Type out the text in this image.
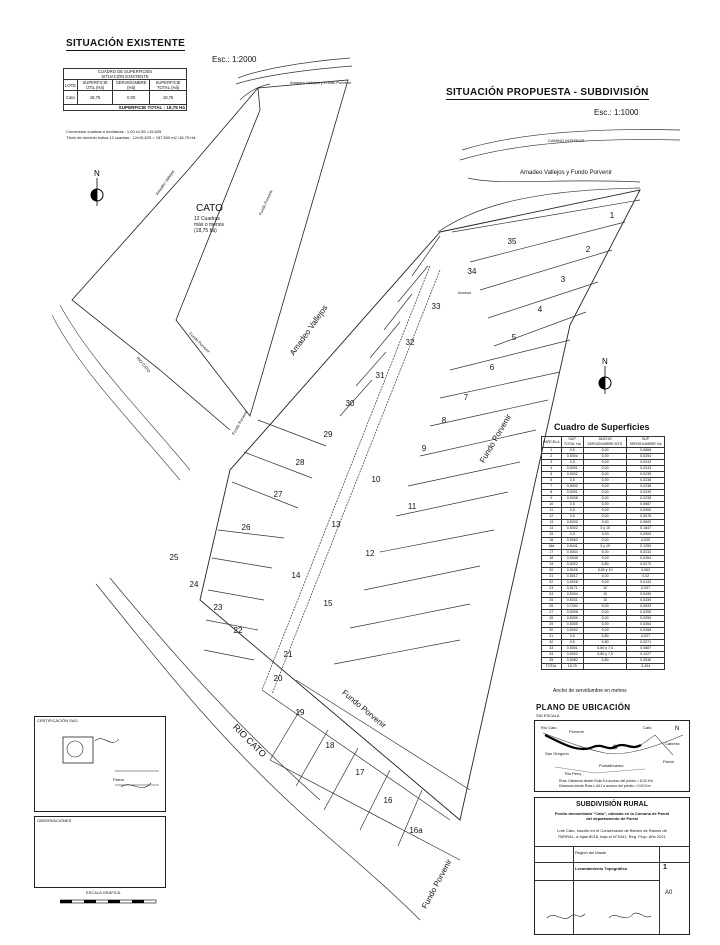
SITUACIÓN EXISTENTE
Esc.: 1:2000
CUADRO DE SUPERFICIES
SITUACIÓN EXISTENTE			
LOTE	SUPERFICIE ÚTIL (Há)	SERVIDUMBRE (Há)	SUPERFICIE TOTAL (Há)
Cato	18,75	0,00	18,75
SUPERFICIE TOTAL : 18,75 Há			
Conversión cuadras a hectáreas : 1,00 x1,55 =15,625
Título de dominio indica 12 cuadras : 12x15,625 = 187.500 m2 /18,75 Há
N
CATO
12 Cuadras
más o menos
(18,75 há)
Amadeo Vallejos y Fundo Porvenir
Amadeo Vallejos
Fundo Porvenir
Fundo Porvenir
Fundo Porvenir
RIO CATO
SITUACIÓN PROPUESTA - SUBDIVISIÓN
Esc.: 1:1000
CAMINO INTERIOR
Amadeo Vallejos y Fundo Porvenir
1
2
3
4
5
6
7
8
9
10
11
12
13
14
15
16
16a
17
18
19
20
21
22
23
24
25
26
27
28
29
30
31
32
33
34
35
Amadeo Vallejos
Fundo Porvenir
Fundo Porvenir
Fundo Porvenir
RIO CATO
Acceso
N
Cuadro de Superficies
PARCELA	SUP. TOTAL Há	ANCHO SERVIDUMBRE MTS.	SUP. SERVIDUMBRE Há
1	0,5	5,00	0,0868
2	0,5004	5,00	0,0254
3	0,5	5,00	0,0243
4	0,5001	5,00	0,0243
5	0,5002	5,00	0,0235
6	0,5	5,00	0,0238
7	0,5000	5,00	0,0238
8	0,5001	5,00	0,0239
9	0,5008	5,00	0,0238
10	0,5	5,00	0,0687
11	0,5	5,00	0,0060
12	0,5	5,00	0,0076
13	0,5003	5,00	0,0609
14	0,5002	3 y 10	0,1847
15	0,5	5,00	0,0909
16	0,5063	5,00	0,025
16a	0,8441	3 y 10	0,1259
17	0,5004	5,00	0,0233
18	0,5049	5,00	0,0264
19	0,5022	5,80	0,0272
20	0,5025	5,80 y 10	0,062
21	0,5017	5,00	0,02
22	0,5028	5,00	0,0133
23	0,5171	10	0,037
24	0,5004	10	0,0430
25	0,5031	10	0,0339
26	0,7494	5,00	0,0633
27	0,5006	5,00	0,0255
28	0,5009	5,00	0,0255
29	0,5005	5,00	0,0264
30	0,5002	5,00	0,0268
31	0,5	5,80	0,027
32	0,5	5,80	0,0271
33	0,5001	5,80 y 7,5	0,0887
34	0,5003	5,80 y 7,5	0,1227
35	0,5082	5,80	0,0536
TOTAL	18,75		3,454
Ancho de servidumbre en metros
PLANO DE UBICACIÓN
SIN ESCALA
N
Rio Cato
Porvenir
Cato
Cabrera
San Gregorio
Parral
Puntalihuemo
Rio Perq.
Ruta: Distancia desde Ruta 5 a acceso del predio = 8,02 Km
Distancia desde Ruta L-641 a acceso del predio = 0,00 Km
SUBDIVISIÓN RURAL
Predio denominado "Cato", ubicado en la Comuna de Parral
del departamento de Parral
Lote Cato, inscrito en el Conservador de Bienes de Raíces de
PARRAL, a fojas 8018, bajo el N°5441, Reg. Prop. Año 2021
Región del Maule
Levantamiento Topográfico	1
A0
CERTIFICACIÓN SAG
Parral
OBSERVACIONES
ESCALA GRÁFICA
